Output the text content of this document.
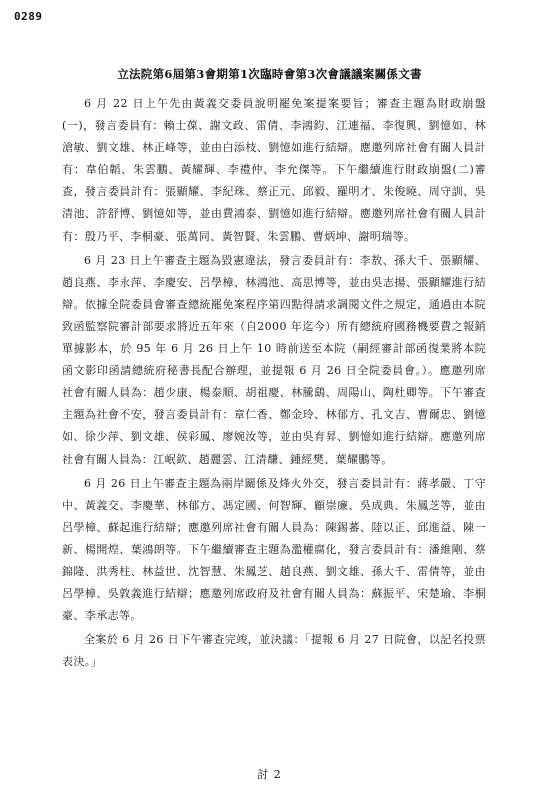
0289
立法院第6屆第3會期第1次臨時會第3次會議議案關係文書

6 月 22 日上午先由黃義交委員說明罷免案提案要旨；審查主題為財政崩盤(一)，發言委員有：賴士葆、謝文政、雷倩、李鴻鈞、江連福、李復興、劉憶如、林滄敏、劉文雄、林正峰等，並由白添枝、劉憶如進行結辯。應邀列席社會有關人員計有：韋伯韜、朱雲鵬、黃耀輝、李禮仲、李允傑等。下午繼續進行財政崩盤(二)審查，發言委員計有：張顯耀、李紀珠、蔡正元、邱毅、羅明才、朱俊曉、周守訓、吳清池、許舒博、劉憶如等，並由費鴻泰、劉憶如進行結辯。應邀列席社會有關人員計有：殷乃平、李桐豪、張萬同、黃智賢、朱雲鵬、曹炳坤、謝明瑞等。

6 月 23 日上午審查主題為毀憲違法，發言委員計有：李敖、孫大千、張顯耀、趙良燕、李永萍、李慶安、呂學樟、林鴻池、高思博等，並由吳志揚、張顯耀進行結辯。依據全院委員會審查總統罷免案程序第四點得請求調閱文件之規定，通過由本院致函監察院審計部要求將近五年來（自2000 年迄今）所有總統府國務機要費之報銷單據影本，於 95 年 6 月 26 日上午 10 時前送至本院（嗣經審計部函復業將本院函文影印函請總統府秘書長配合辦理，並提報 6 月 26 日全院委員會。）。應邀列席社會有關人員為：趙少康、楊泰順、胡祖慶、林騰鷂、周陽山、陶杜卿等。下午審查主題為社會不安，發言委員計有：章仁香、鄭金玲、林郁方、孔文吉、曹爾忠、劉憶如、徐少萍、劉文雄、侯彩鳳、廖婉汝等，並由吳育昇、劉憶如進行結辯。應邀列席社會有關人員為：江岷欽、趙麗雲、江清馦、鍾經樊、葉耀鵬等。

6 月 26 日上午審查主題為兩岸關係及烽火外交，發言委員計有：蔣孝嚴、丁守中、黃義交、李慶華、林郁方、馮定國、何智輝、顧崇廉、吳成典、朱鳳芝等，並由呂學樟、蘇起進行結辯；應邀列席社會有關人員為：陳錫蕃、陸以正、邱進益、陳一新、楊開煌、葉鴻朗等。下午繼續審查主題為濫權腐化，發言委員計有：潘維剛、蔡錦隆、洪秀柱、林益世、沈智慧、朱鳳芝、趙良燕、劉文雄、孫大千、雷倩等，並由呂學樟、吳敦義進行結辯；應邀列席政府及社會有關人員為：蘇振平、宋楚瑜、李桐豪、李承志等。

全案於 6 月 26 日下午審查完竣，並決議：「提報 6 月 27 日院會，以記名投票表決。」

討 2
